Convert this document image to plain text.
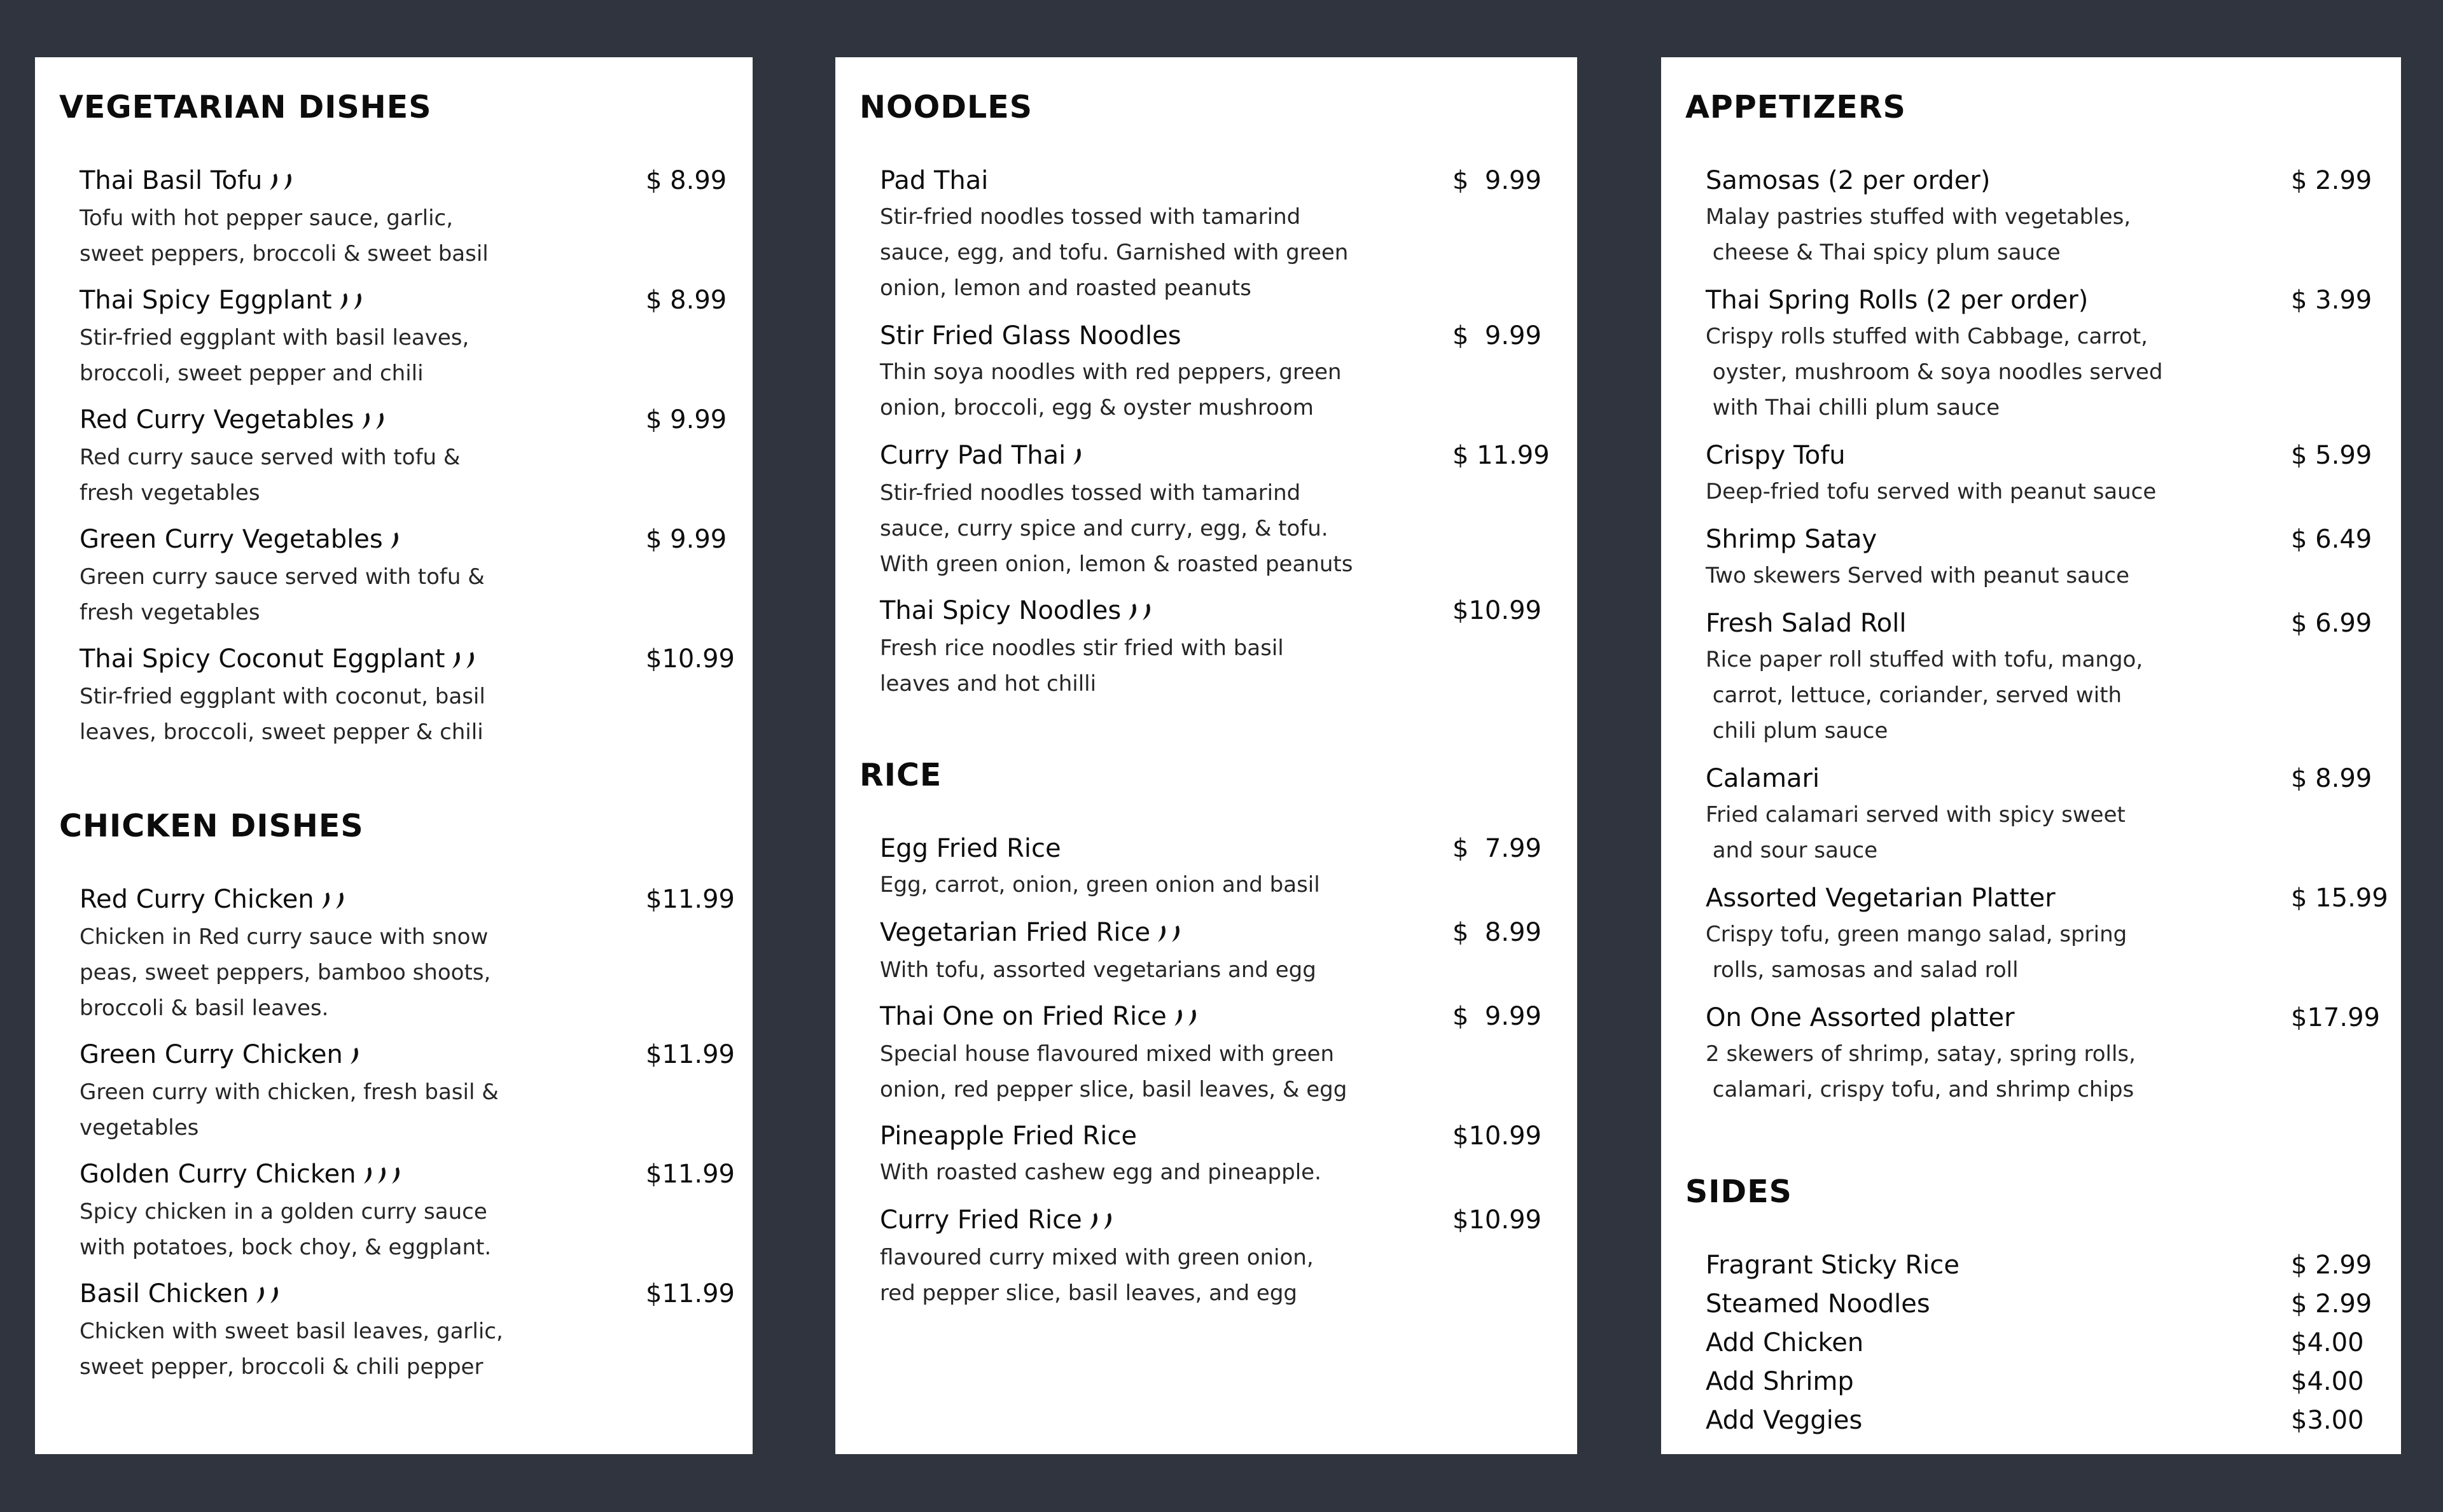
VEGETARIAN DISHES
Thai Basil Tofu	$ 8.99
Tofu with hot pepper sauce, garlic,
sweet peppers, broccoli & sweet basil
Thai Spicy Eggplant	$ 8.99
Stir-fried eggplant with basil leaves,
broccoli, sweet pepper and chili
Red Curry Vegetables	$ 9.99
Red curry sauce served with tofu &
fresh vegetables
Green Curry Vegetables	$ 9.99
Green curry sauce served with tofu &
fresh vegetables
Thai Spicy Coconut Eggplant	$10.99
Stir-fried eggplant with coconut, basil
leaves, broccoli, sweet pepper & chili
CHICKEN DISHES
Red Curry Chicken	$11.99
Chicken in Red curry sauce with snow
peas, sweet peppers, bamboo shoots,
broccoli & basil leaves.
Green Curry Chicken	$11.99
Green curry with chicken, fresh basil &
vegetables
Golden Curry Chicken	$11.99
Spicy chicken in a golden curry sauce
with potatoes, bock choy, & eggplant.
Basil Chicken	$11.99
Chicken with sweet basil leaves, garlic,
sweet pepper, broccoli & chili pepper
NOODLES
Pad Thai	$  9.99
Stir-fried noodles tossed with tamarind
sauce, egg, and tofu. Garnished with green
onion, lemon and roasted peanuts
Stir Fried Glass Noodles	$  9.99
Thin soya noodles with red peppers, green
onion, broccoli, egg & oyster mushroom
Curry Pad Thai	$ 11.99
Stir-fried noodles tossed with tamarind
sauce, curry spice and curry, egg, & tofu.
With green onion, lemon & roasted peanuts
Thai Spicy Noodles	$10.99
Fresh rice noodles stir fried with basil
leaves and hot chilli
RICE
Egg Fried Rice	$  7.99
Egg, carrot, onion, green onion and basil
Vegetarian Fried Rice	$  8.99
With tofu, assorted vegetarians and egg
Thai One on Fried Rice	$  9.99
Special house flavoured mixed with green
onion, red pepper slice, basil leaves, & egg
Pineapple Fried Rice	$10.99
With roasted cashew egg and pineapple.
Curry Fried Rice	$10.99
flavoured curry mixed with green onion,
red pepper slice, basil leaves, and egg
APPETIZERS
Samosas (2 per order)	$ 2.99
Malay pastries stuffed with vegetables,
cheese & Thai spicy plum sauce
Thai Spring Rolls (2 per order)	$ 3.99
Crispy rolls stuffed with Cabbage, carrot,
oyster, mushroom & soya noodles served
with Thai chilli plum sauce
Crispy Tofu	$ 5.99
Deep-fried tofu served with peanut sauce
Shrimp Satay	$ 6.49
Two skewers Served with peanut sauce
Fresh Salad Roll	$ 6.99
Rice paper roll stuffed with tofu, mango,
carrot, lettuce, coriander, served with
chili plum sauce
Calamari	$ 8.99
Fried calamari served with spicy sweet
and sour sauce
Assorted Vegetarian Platter	$ 15.99
Crispy tofu, green mango salad, spring
rolls, samosas and salad roll
On One Assorted platter	$17.99
2 skewers of shrimp, satay, spring rolls,
calamari, crispy tofu, and shrimp chips
SIDES
Fragrant Sticky Rice	$ 2.99
Steamed Noodles	$ 2.99
Add Chicken	$4.00
Add Shrimp	$4.00
Add Veggies	$3.00
